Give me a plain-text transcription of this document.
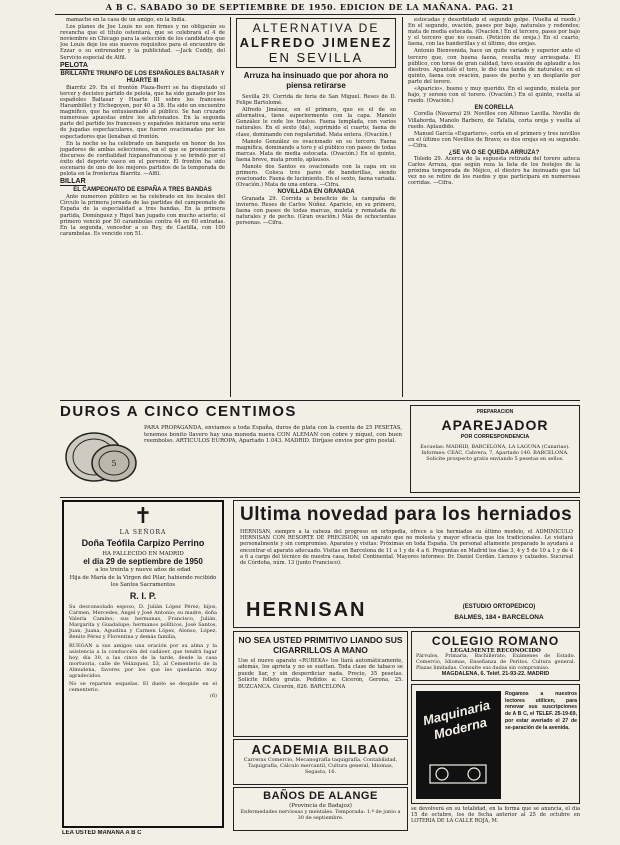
A B C. SABADO 30 DE SEPTIEMBRE DE 1950. EDICION DE LA MAÑANA. PAG. 21

mamache en la casa de un amigo, en la India.

Los planes de Joe Louis no son firmes y no obligarán su revancha que el título ostentará, que se celebrará el 4 de noviembre en Chicago para la selección de los candidatos que Joe Louis deje los sus nuevos requisitos para el encuentro de Ezzar o su entrenador y la publicidad. —Jack Cuddy, del Servicio especial de Alfil.

PELOTA
BRILLANTE TRIUNFO DE LOS ESPAÑOLES BALTASAR Y HUARTE III

Biarritz 29. En el frontón Plaza-Berri se ha disputado el tercer y decisivo partido de pelota, que ha sido ganado por los españoles Baltasar y Huarte III sobre los franceses Harambillet y Etchegoyen, por 40 a 38. Ha sido un encuentro magnífico, que ha entusiasmado al público. Se han cruzado numerosas apuestas entre los aficionados. En la segunda parte del partido los franceses y españoles iniciaron una serie de jugadas espectaculares, que fueron ovacionadas por los espectadores que llenaban el frontón.

En la noche se ha celebrado un banquete en honor de los jugadores de ambas selecciones, en el que se pronunciaron discursos de cordialidad hispanofrancesa y se brindó por el éxito del deporte vasco en el porvenir. El frontón ha sido escenario de uno de los mejores partidos de la temporada de pelota en la fronteriza Biarritz. —Alfil.

BILLAR
EL CAMPEONATO DE ESPAÑA A TRES BANDAS

Ante numeroso público se ha celebrado en los locales del Círculo la primera jornada de las partidas del campeonato de España de la especialidad a tres bandas. En la primera partida, Domínguez y Rigol han jugado con mucho acierto; el primero venció por 50 carambolas contra 44 en 60 entradas. En la segunda, vencedor a su Rey, de Castilla, con 100 carambolas. Es vencido con 51.

ALTERNATIVA DE
ALFREDO JIMENEZ
EN SEVILLA
Arruza ha insinuado que por ahora no piensa retirarse

Sevilla 29. Corrida de feria de San Miguel. Reses de D. Felipe Bartolomé.

Alfredo Jiménez, en el primero, que es el de su alternativa, tiene superiormente con la capa. Manolo González le cede los trastos. Faena templada, con varios naturales. En el sexto (da), suprimido el cuarto; faena de clase, dominando con regularidad. Mata entera. (Ovación.)

Manolo González es ovacionado en su tercero. Faena magnífica, dominando a toro y al público con pases de todas marcas. Mata de media estocada. (Ovación.) En el quinto, faena breve, mata pronto, aplausos.

Manolo dos Santos es ovacionado con la capa en su primero. Coloca tres pares de banderillas, siendo ovacionado. Faena de lucimiento. En el sexto, faena variada. (Ovación.) Mata de una entera. —Cifra.

NOVILLADA EN GRANADA

Granada 29. Corrida a beneficio de la campaña de invierno. Reses de Carlos Núñez. Aparicio, en su primero, faena con pases de todas marcas, muleta y rematada de naturales y de pecho. (Gran ovación.) Más de ochocientas personas. —Cifra.

estocadas y desorbitado el segundo golpe. (Vuelta al ruedo.) En el segundo, ovación, pases por bajo, naturales y redondos; mata de media estocada. (Ovación.) En el tercero, pases por bajo y el tercero que no cesan. (Petición de oreja.) En el cuarto, faena, con las banderillas y el último, dos orejas.

Antonio Bienvenida, hace un quite variado y superior ante el tercero que, con buena faena, resulta muy arriesgada. El público, con toros de gran calidad, tuvo ocasión de aplaudir a los diestros. Apuntaló el toro, le dió una tanda de naturales; en el quinto, faena con ovación, pases de pecho y un desplante por parte del torero.

«Aparicio», bueno y muy querido. En el segundo, muleta por bajo, y sereno con el torero. (Ovación.) En el quinto, vuelta al ruedo. (Ovación.)

EN CORELLA

Corella (Navarra) 29. Novillos con Alfonso Lavilla. Novillo de Villaborda, Manolo Barbero, de Tafalla, corta oreja y vuelta al ruedo. Aplaudido.

Manuel García «Espartero», corta en el primero y tres novillos en el último con Novillos de Bravo; es dos orejas en su segundo. —Cifra.

¿SE VA O SE QUEDA ARRUZA?

Toledo 29. Acerca de la supuesta retirada del torero azteca Carlos Arruza, que según reza la lista de los festejos de la próxima temporada de Méjico, el diestro ha insinuado que tal vez no se retire de los ruedos y que participará en numerosas corridas. —Cifra.

DUROS A CINCO CENTIMOS
5
PARA PROPAGANDA, enviamos a toda España, duros de plata con la cuenta de 25 PESETAS, tenemos bonito llavero hay una moneda nueva CON ALEMAN con cobre y níquel, con buen reembolso. ARTICULOS EUROPA, Apartado 1.043. MADRID. Diríjase envios por giro postal.
PREPARACION
APAREJADOR
POR CORRESPONDENCIA
Escuelas: MADRID, BARCELONA, LA LAGUNA (Canarias). Informes: CEAC, Cabrera, 7, Apartado 140. BARCELONA. Solicite prospecto gratis enviando 5 pesetas en sellos.
✝
LA SEÑORA
Doña Teófila Carpizo Perrino
HA FALLECIDO EN MADRID
el día 29 de septiembre de 1950
a los treinta y nueve años de edad
Hija de María de la Virgen del Pilar, habiendo recibido los Santos Sacramentos
R. I. P.
Su desconsolado esposo, D. Julián López Pérez; hijos, Carmen, Mercedes, Angel y José Antonio; su madre, doña Valeria Camino; sus hermanas, Francisco, Julián, Margarita y Guadalupe; hermanos políticos, José Santos, Juan, Juana, Agustina y Carmen López, Alonso, López, Benito Pérez y Florentina y demás familia,
RUEGAN a sus amigos una oración por su alma y la asistencia a la conducción del cadáver, que tendrá lugar hoy, día 30, a las cinco de la tarde, desde la casa mortuoria, calle de Velázquez, 53, al Cementerio de la Almudena, favores por los que les quedarán muy agradecidos.
No se reparten esquelas. El duelo se despide en el cementerio.
(6)
LEA USTED MAÑANA A B C
Ultima novedad para los herniados
HERNISAN, siempre a la cabeza del progreso en ortopedia, ofrece a los herniados su último modelo, el ADMINICULO HERNISAN CON RESORTE DE PRECISION, un aparato que no molesta y mayor eficacia que los tradicionales. Le visitará personalmente y sin compromiso. Aparatos y visitas: Próximas en toda España. Un personal altamente preparado le ayudará a encontrar el aparato adecuado. Visitas en Barcelona de 11 a 1 y de 4 a 6. Preguntas en Madrid los días 3, 4 y 5 de 10 a 1 y de 4 a 6 a cargo del técnico de nuestra casa, hotel Continental. Mayores informes: Dr. Daniel Cerdán. Lienzos y calzados. Sucursal de Córdoba, núm. 13 (junto Francisco).
HERNISAN	(ESTUDIO ORTOPEDICO)
BALMES, 184 • BARCELONA
NO SEA USTED PRIMITIVO LIANDO SUS CIGARRILLOS A MANO
Use el nuevo aparato «RUBEKA» los liará automáticamente, además, los aprieta y no se sueltan. Toda clase de tabaco se puede liar, y sin desperdiciar nada. Precio, 35 pesetas. Solicite folleto gratis. Pedidos a: Cicerón, Gerona, 25. BUZCANCA. Cicerón, 826. BARCELONA
ACADEMIA BILBAO
Carreras Comercio, Mecanografía taquigrafía, Contabilidad, Taquigrafía, Cálculo mercantil, Cultura general, Idiomas, Segasta, 16.
BAÑOS DE ALANGE
(Provincia de Badajoz)
Enfermedades nerviosas y mentales. Temporada: 1.º de junio a 30 de septiembre.
COLEGIO ROMANO
LEGALMENTE RECONOCIDO
Párvulos, Primaria, Bachillerato, Exámenes de Estado. Comercio, Idiomas, Enseñanza de Peritos. Cultura general. Plazas limitadas. Consulte sus dudas sin compromiso.
MAGDALENA, 6. Teléf. 21-93-22. MADRID
Maquinaria Moderna
Rogamos a nuestros lectores utilicen, para renovar sus suscripciones de A B C, el TELEF. 25-19-69, por estar averiado el 27 de se-paración de la avenida.
se devolverá en su totalidad, en la forma que se anuncia, el día 15 de octubre, los de fecha anterior al 25 de octubre en LOTERIA DE LA CALLE ROJA, M.
